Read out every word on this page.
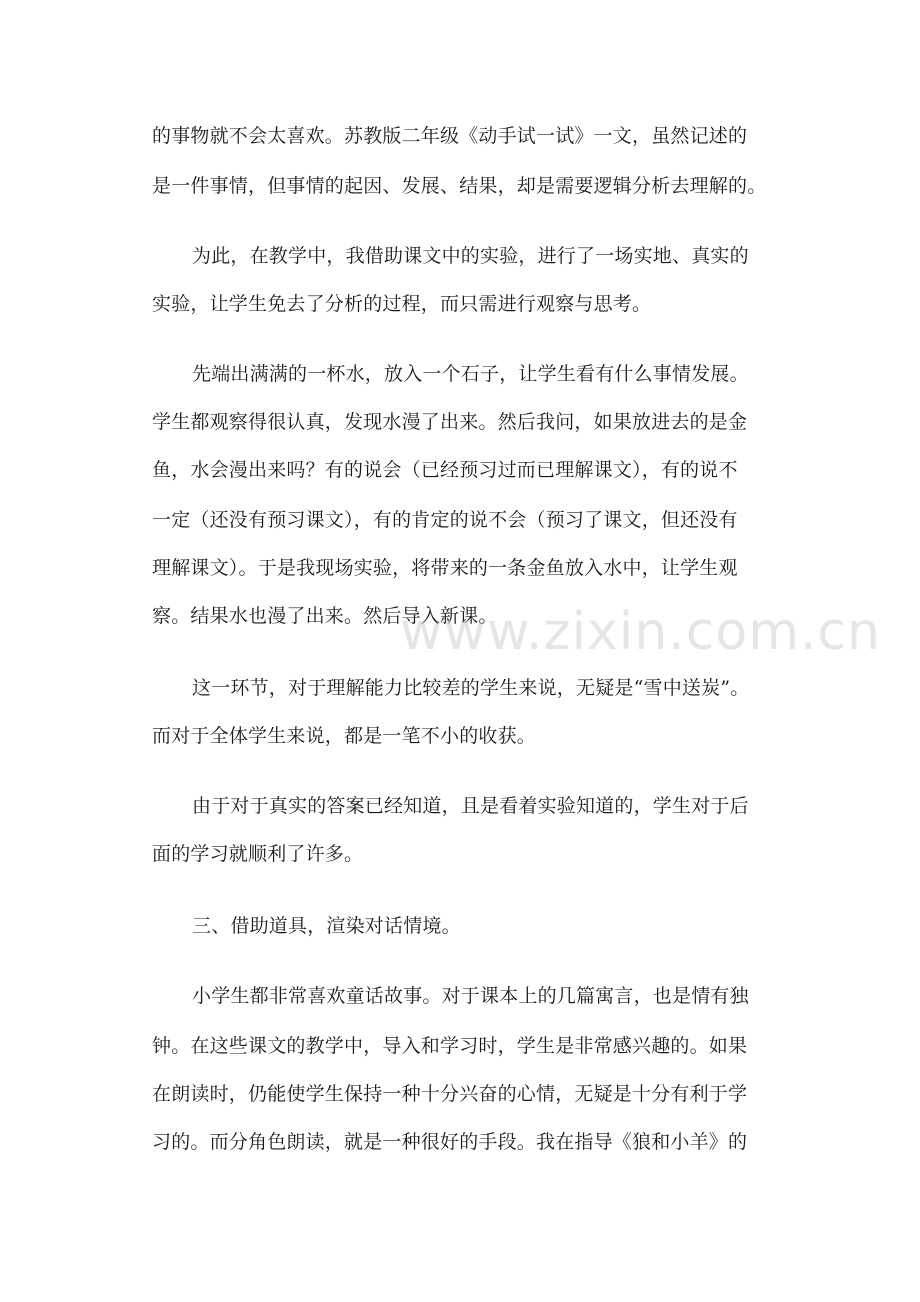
的事物就不会太喜欢。苏教版二年级《动手试一试》一文，虽然记述的
是一件事情，但事情的起因、发展、结果，却是需要逻辑分析去理解的。
为此，在教学中，我借助课文中的实验，进行了一场实地、真实的
实验，让学生免去了分析的过程，而只需进行观察与思考。
先端出满满的一杯水，放入一个石子，让学生看有什么事情发展。
学生都观察得很认真，发现水漫了出来。然后我问，如果放进去的是金
鱼，水会漫出来吗？有的说会（已经预习过而已理解课文），有的说不
一定（还没有预习课文），有的肯定的说不会（预习了课文，但还没有
理解课文）。于是我现场实验，将带来的一条金鱼放入水中，让学生观
察。结果水也漫了出来。然后导入新课。
这一环节，对于理解能力比较差的学生来说，无疑是“雪中送炭”。
而对于全体学生来说，都是一笔不小的收获。
由于对于真实的答案已经知道，且是看着实验知道的，学生对于后
面的学习就顺利了许多。
三、借助道具，渲染对话情境。
小学生都非常喜欢童话故事。对于课本上的几篇寓言，也是情有独
钟。在这些课文的教学中，导入和学习时，学生是非常感兴趣的。如果
在朗读时，仍能使学生保持一种十分兴奋的心情，无疑是十分有利于学
习的。而分角色朗读，就是一种很好的手段。我在指导《狼和小羊》的
www.zixin.com.cn
